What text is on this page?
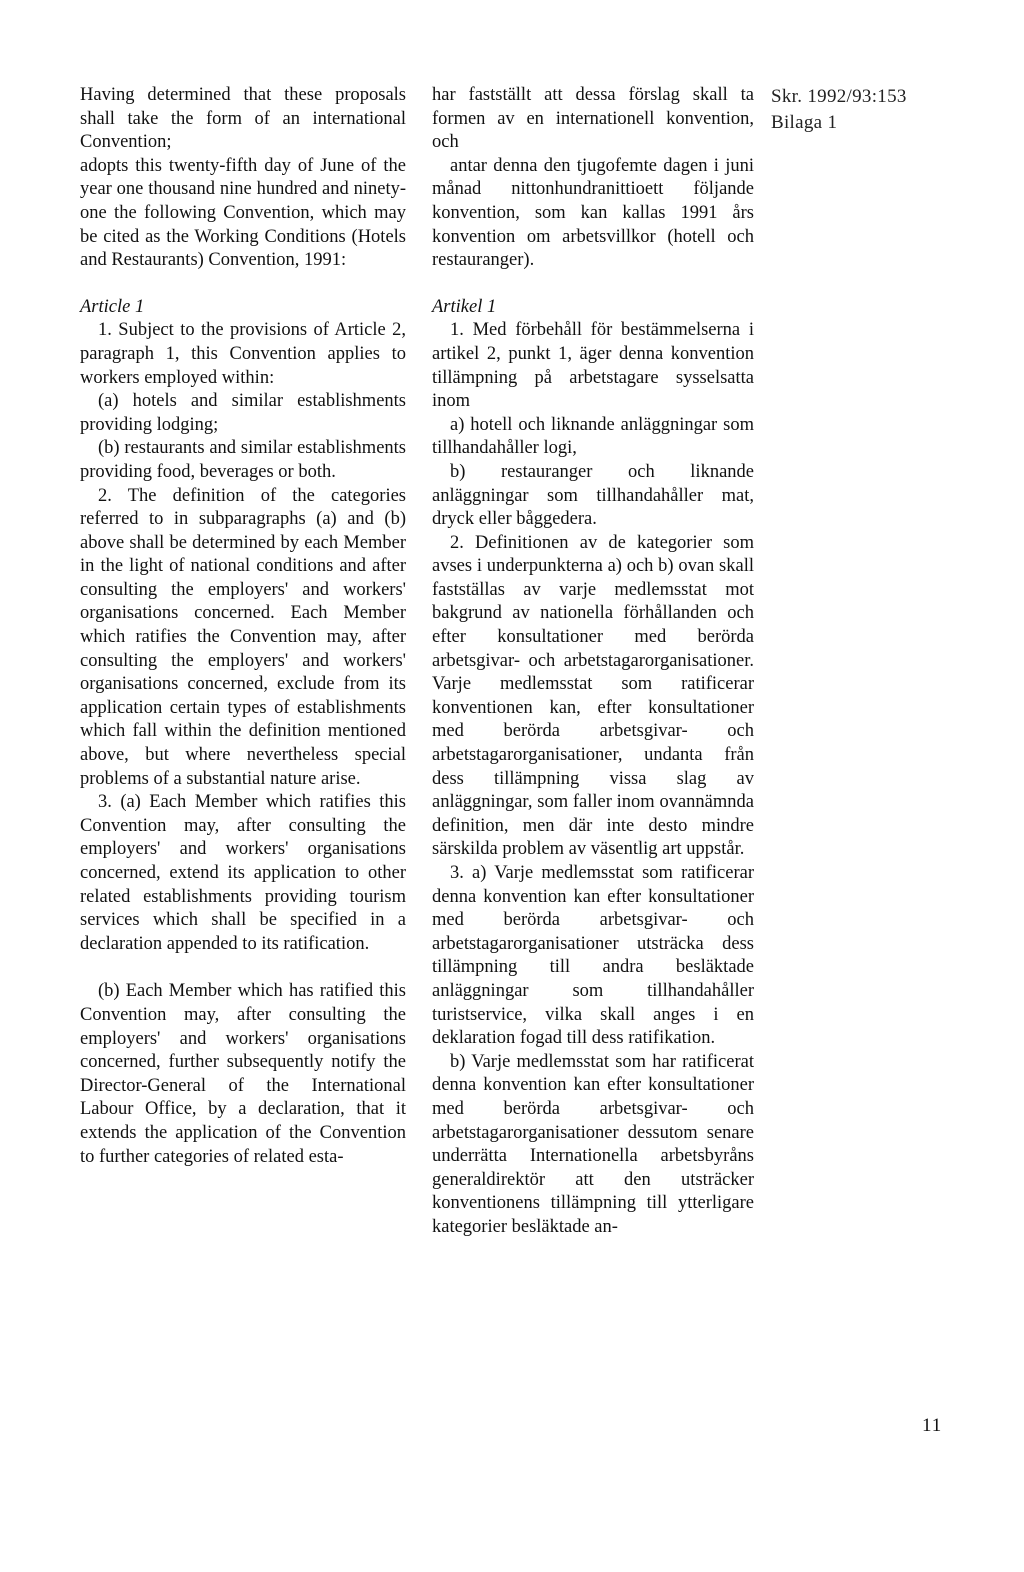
Having determined that these proposals shall take the form of an international Convention;

adopts this twenty-fifth day of June of the year one thousand nine hundred and ninety-one the following Convention, which may be cited as the Working Conditions (Hotels and Restaurants) Convention, 1991:

Article 1

1. Subject to the provisions of Article 2, paragraph 1, this Convention applies to workers employed within:

(a) hotels and similar establishments providing lodging;

(b) restaurants and similar establishments providing food, beverages or both.

2. The definition of the categories referred to in subparagraphs (a) and (b) above shall be determined by each Member in the light of national conditions and after consulting the employers' and workers' organisations concerned. Each Member which ratifies the Convention may, after consulting the employers' and workers' organisations concerned, exclude from its application certain types of establishments which fall within the definition mentioned above, but where nevertheless special problems of a substantial nature arise.

3. (a) Each Member which ratifies this Convention may, after consulting the employers' and workers' organisations concerned, extend its application to other related establishments providing tourism services which shall be specified in a declaration appended to its ratification.

(b) Each Member which has ratified this Convention may, after consulting the employers' and workers' organisations concerned, further subsequently notify the Director-General of the International Labour Office, by a declaration, that it extends the application of the Convention to further categories of related esta-

har fastställt att dessa förslag skall ta formen av en internationell konvention, och

antar denna den tjugofemte dagen i juni månad nittonhundranittioett följande konvention, som kan kallas 1991 års konvention om arbetsvillkor (hotell och restauranger).

Artikel 1

1. Med förbehåll för bestämmelserna i artikel 2, punkt 1, äger denna konvention tillämpning på arbetstagare sysselsatta inom

a) hotell och liknande anläggningar som tillhandahåller logi,

b) restauranger och liknande anläggningar som tillhandahåller mat, dryck eller båggedera.

2. Definitionen av de kategorier som avses i underpunkterna a) och b) ovan skall fastställas av varje medlemsstat mot bakgrund av nationella förhållanden och efter konsultationer med berörda arbetsgivar- och arbetstagarorganisationer. Varje medlemsstat som ratificerar konventionen kan, efter konsultationer med berörda arbetsgivar- och arbetstagarorganisationer, undanta från dess tillämpning vissa slag av anläggningar, som faller inom ovannämnda definition, men där inte desto mindre särskilda problem av väsentlig art uppstår.

3. a) Varje medlemsstat som ratificerar denna konvention kan efter konsultationer med berörda arbetsgivar- och arbetstagarorganisationer utsträcka dess tillämpning till andra besläktade anläggningar som tillhandahåller turistservice, vilka skall anges i en deklaration fogad till dess ratifikation.

b) Varje medlemsstat som har ratificerat denna konvention kan efter konsultationer med berörda arbetsgivar- och arbetstagarorganisationer dessutom senare underrätta Internationella arbetsbyråns generaldirektör att den utsträcker konventionens tillämpning till ytterligare kategorier besläktade an-

Skr. 1992/93:153
Bilaga 1
11
